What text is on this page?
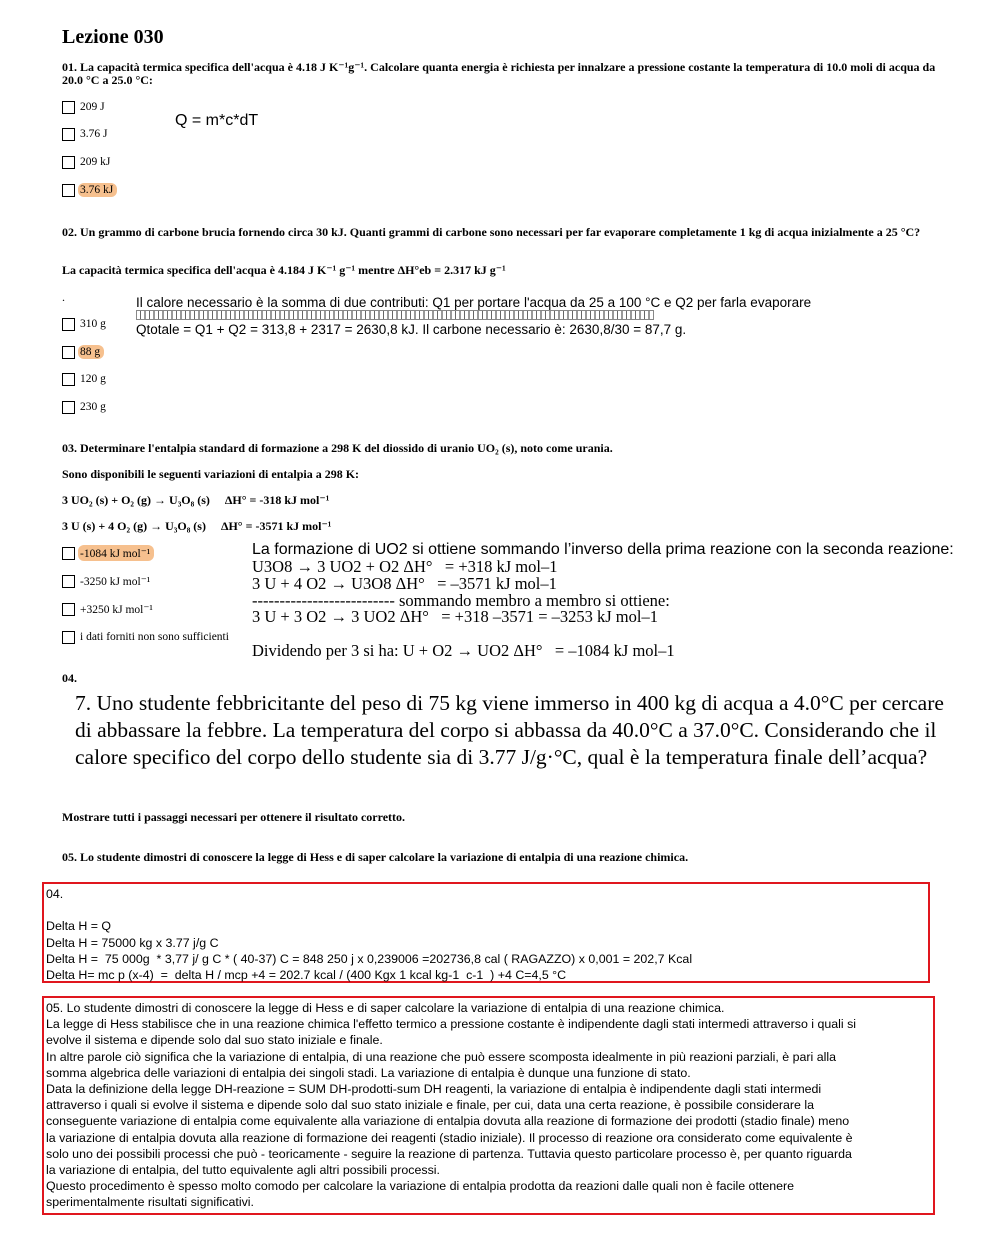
Lezione 030
01. La capacità termica specifica dell'acqua è 4.18 J K⁻¹g⁻¹. Calcolare quanta energia è richiesta per innalzare a pressione costante la temperatura di 10.0 moli di acqua da 20.0 °C a 25.0 °C:
209 J
3.76 J
209 kJ
3.76 kJ
Q = m*c*dT
02. Un grammo di carbone brucia fornendo circa 30 kJ. Quanti grammi di carbone sono necessari per far evaporare completamente 1 kg di acqua inizialmente a 25 °C?
La capacità termica specifica dell'acqua è 4.184 J K⁻¹ g⁻¹ mentre ΔH°eb = 2.317 kJ g⁻¹
.	Il calore necessario è la somma di due contributi: Q1 per portare l'acqua da 25 a 100 °C e Q2 per farla evaporare
Qtotale = Q1 + Q2 = 313,8 + 2317 = 2630,8 kJ. Il carbone necessario è: 2630,8/30 = 87,7 g.
310 g
88 g
120 g
230 g
03. Determinare l'entalpia standard di formazione a 298 K del diossido di uranio UO₂ (s), noto come urania.
Sono disponibili le seguenti variazioni di entalpia a 298 K:
3 UO₂ (s) + O₂ (g) → U₃O₈ (s)     ΔH° = -318 kJ mol⁻¹
3 U (s) + 4 O₂ (g) → U₃O₈ (s)     ΔH° = -3571 kJ mol⁻¹
-1084 kJ mol⁻¹
-3250 kJ mol⁻¹
+3250 kJ mol⁻¹
i dati forniti non sono sufficienti
La formazione di UO2 si ottiene sommando l’inverso della prima reazione con la seconda reazione:
U3O8 → 3 UO2 + O2 ΔH°   = +318 kJ mol–1
3 U + 4 O2 → U3O8 ΔH°   = –3571 kJ mol–1
-------------------------- sommando membro a membro si ottiene:
3 U + 3 O2 → 3 UO2 ΔH°   = +318 –3571 = –3253 kJ mol–1
Dividendo per 3 si ha: U + O2 → UO2 ΔH°   = –1084 kJ mol–1
04.
7. Uno studente febbricitante del peso di 75 kg viene immerso in 400 kg di acqua a 4.0°C per cercare di abbassare la febbre. La temperatura del corpo si abbassa da 40.0°C a 37.0°C. Considerando che il calore specifico del corpo dello studente sia di 3.77 J/g·°C, qual è la temperatura finale dell’acqua?
Mostrare tutti i passaggi necessari per ottenere il risultato corretto.
05. Lo studente dimostri di conoscere la legge di Hess e di saper calcolare la variazione di entalpia di una reazione chimica.
04.
Delta H = Q
Delta H = 75000 kg x 3.77 j/g C
Delta H =  75 000g  * 3,77 j/ g C * ( 40-37) C = 848 250 j x 0,239006 =202736,8 cal ( RAGAZZO) x 0,001 = 202,7 Kcal
Delta H= mc p (x-4)  =  delta H / mcp +4 = 202.7 kcal / (400 Kgx 1 kcal kg-1  c-1  ) +4 C=4,5 °C
05. Lo studente dimostri di conoscere la legge di Hess e di saper calcolare la variazione di entalpia di una reazione chimica.
La legge di Hess stabilisce che in una reazione chimica l'effetto termico a pressione costante è indipendente dagli stati intermedi attraverso i quali si
evolve il sistema e dipende solo dal suo stato iniziale e finale.
In altre parole ciò significa che la variazione di entalpia, di una reazione che può essere scomposta idealmente in più reazioni parziali, è pari alla
somma algebrica delle variazioni di entalpia dei singoli stadi. La variazione di entalpia è dunque una funzione di stato.
Data la definizione della legge DH-reazione = SUM DH-prodotti-sum DH reagenti, la variazione di entalpia è indipendente dagli stati intermedi
attraverso i quali si evolve il sistema e dipende solo dal suo stato iniziale e finale, per cui, data una certa reazione, è possibile considerare la
conseguente variazione di entalpia come equivalente alla variazione di entalpia dovuta alla reazione di formazione dei prodotti (stadio finale) meno
la variazione di entalpia dovuta alla reazione di formazione dei reagenti (stadio iniziale). Il processo di reazione ora considerato come equivalente è
solo uno dei possibili processi che può - teoricamente - seguire la reazione di partenza. Tuttavia questo particolare processo è, per quanto riguarda
la variazione di entalpia, del tutto equivalente agli altri possibili processi.
Questo procedimento è spesso molto comodo per calcolare la variazione di entalpia prodotta da reazioni dalle quali non è facile ottenere
sperimentalmente risultati significativi.
